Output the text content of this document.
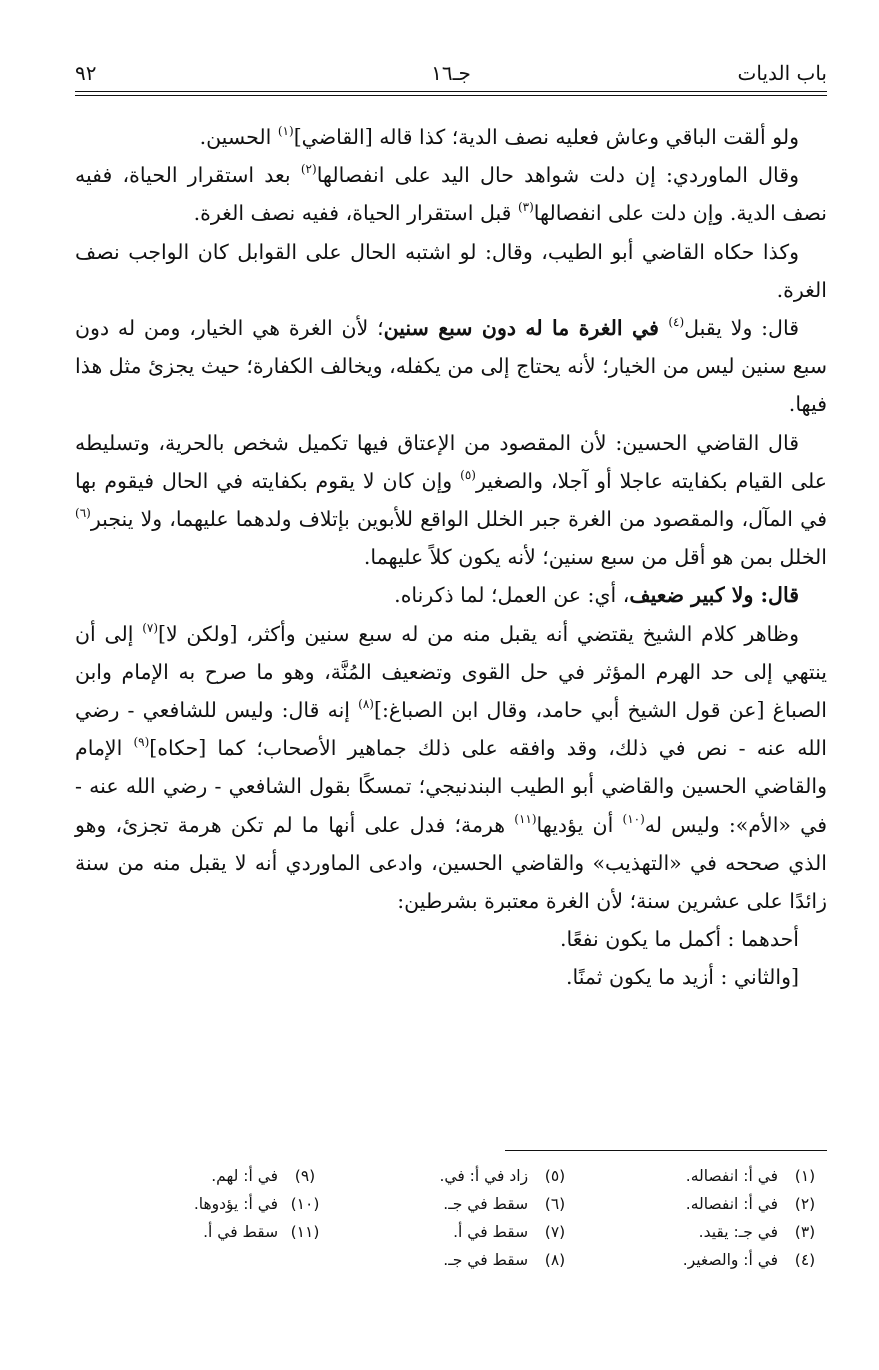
باب الديات
جـ١٦
٩٢

ولو ألقت الباقي وعاش فعليه نصف الدية؛ كذا قاله [القاضي]$^{(١)}$ الحسين.

وقال الماوردي: إن دلت شواهد حال اليد على انفصالها$^{(٢)}$ بعد استقرار الحياة، ففيه نصف الدية. وإن دلت على انفصالها$^{(٣)}$ قبل استقرار الحياة، ففيه نصف الغرة.

وكذا حكاه القاضي أبو الطيب، وقال: لو اشتبه الحال على القوابل كان الواجب نصف الغرة.

قال: ولا يقبل$^{(٤)}$ في الغرة ما له دون سبع سنين؛ لأن الغرة هي الخيار، ومن له دون سبع سنين ليس من الخيار؛ لأنه يحتاج إلى من يكفله، ويخالف الكفارة؛ حيث يجزئ مثل هذا فيها.

قال القاضي الحسين: لأن المقصود من الإعتاق فيها تكميل شخص بالحرية، وتسليطه على القيام بكفايته عاجلا أو آجلا، والصغير$^{(٥)}$ وإن كان لا يقوم بكفايته في الحال فيقوم بها في المآل، والمقصود من الغرة جبر الخلل الواقع للأبوين بإتلاف ولدهما عليهما، ولا ينجبر$^{(٦)}$ الخلل بمن هو أقل من سبع سنين؛ لأنه يكون كلاً عليهما.

قال: ولا كبير ضعيف، أي: عن العمل؛ لما ذكرناه.

وظاهر كلام الشيخ يقتضي أنه يقبل منه من له سبع سنين وأكثر، [ولكن لا]$^{(٧)}$ إلى أن ينتهي إلى حد الهرم المؤثر في حل القوى وتضعيف المُنَّة، وهو ما صرح به الإمام وابن الصباغ [عن قول الشيخ أبي حامد، وقال ابن الصباغ:]$^{(٨)}$ إنه قال: وليس للشافعي - رضي الله عنه - نص في ذلك، وقد وافقه على ذلك جماهير الأصحاب؛ كما [حكاه]$^{(٩)}$ الإمام والقاضي الحسين والقاضي أبو الطيب البندنيجي؛ تمسكًا بقول الشافعي - رضي الله عنه - في «الأم»: وليس له$^{(١٠)}$ أن يؤديها$^{(١١)}$ هرمة؛ فدل على أنها ما لم تكن هرمة تجزئ، وهو الذي صححه في «التهذيب» والقاضي الحسين، وادعى الماوردي أنه لا يقبل منه من سنة زائدًا على عشرين سنة؛ لأن الغرة معتبرة بشرطين:

أحدهما : أكمل ما يكون نفعًا.

[والثاني : أزيد ما يكون ثمنًا.

(١) في أ: انفصاله.
(٢) في أ: انفصاله.
(٣) في جـ: يقيد.
(٤) في أ: والصغير.
(٥) زاد في أ: في.
(٦) سقط في جـ.
(٧) سقط في أ.
(٨) سقط في جـ.
(٩) في أ: لهم.
(١٠) في أ: يؤدوها.
(١١) سقط في أ.
